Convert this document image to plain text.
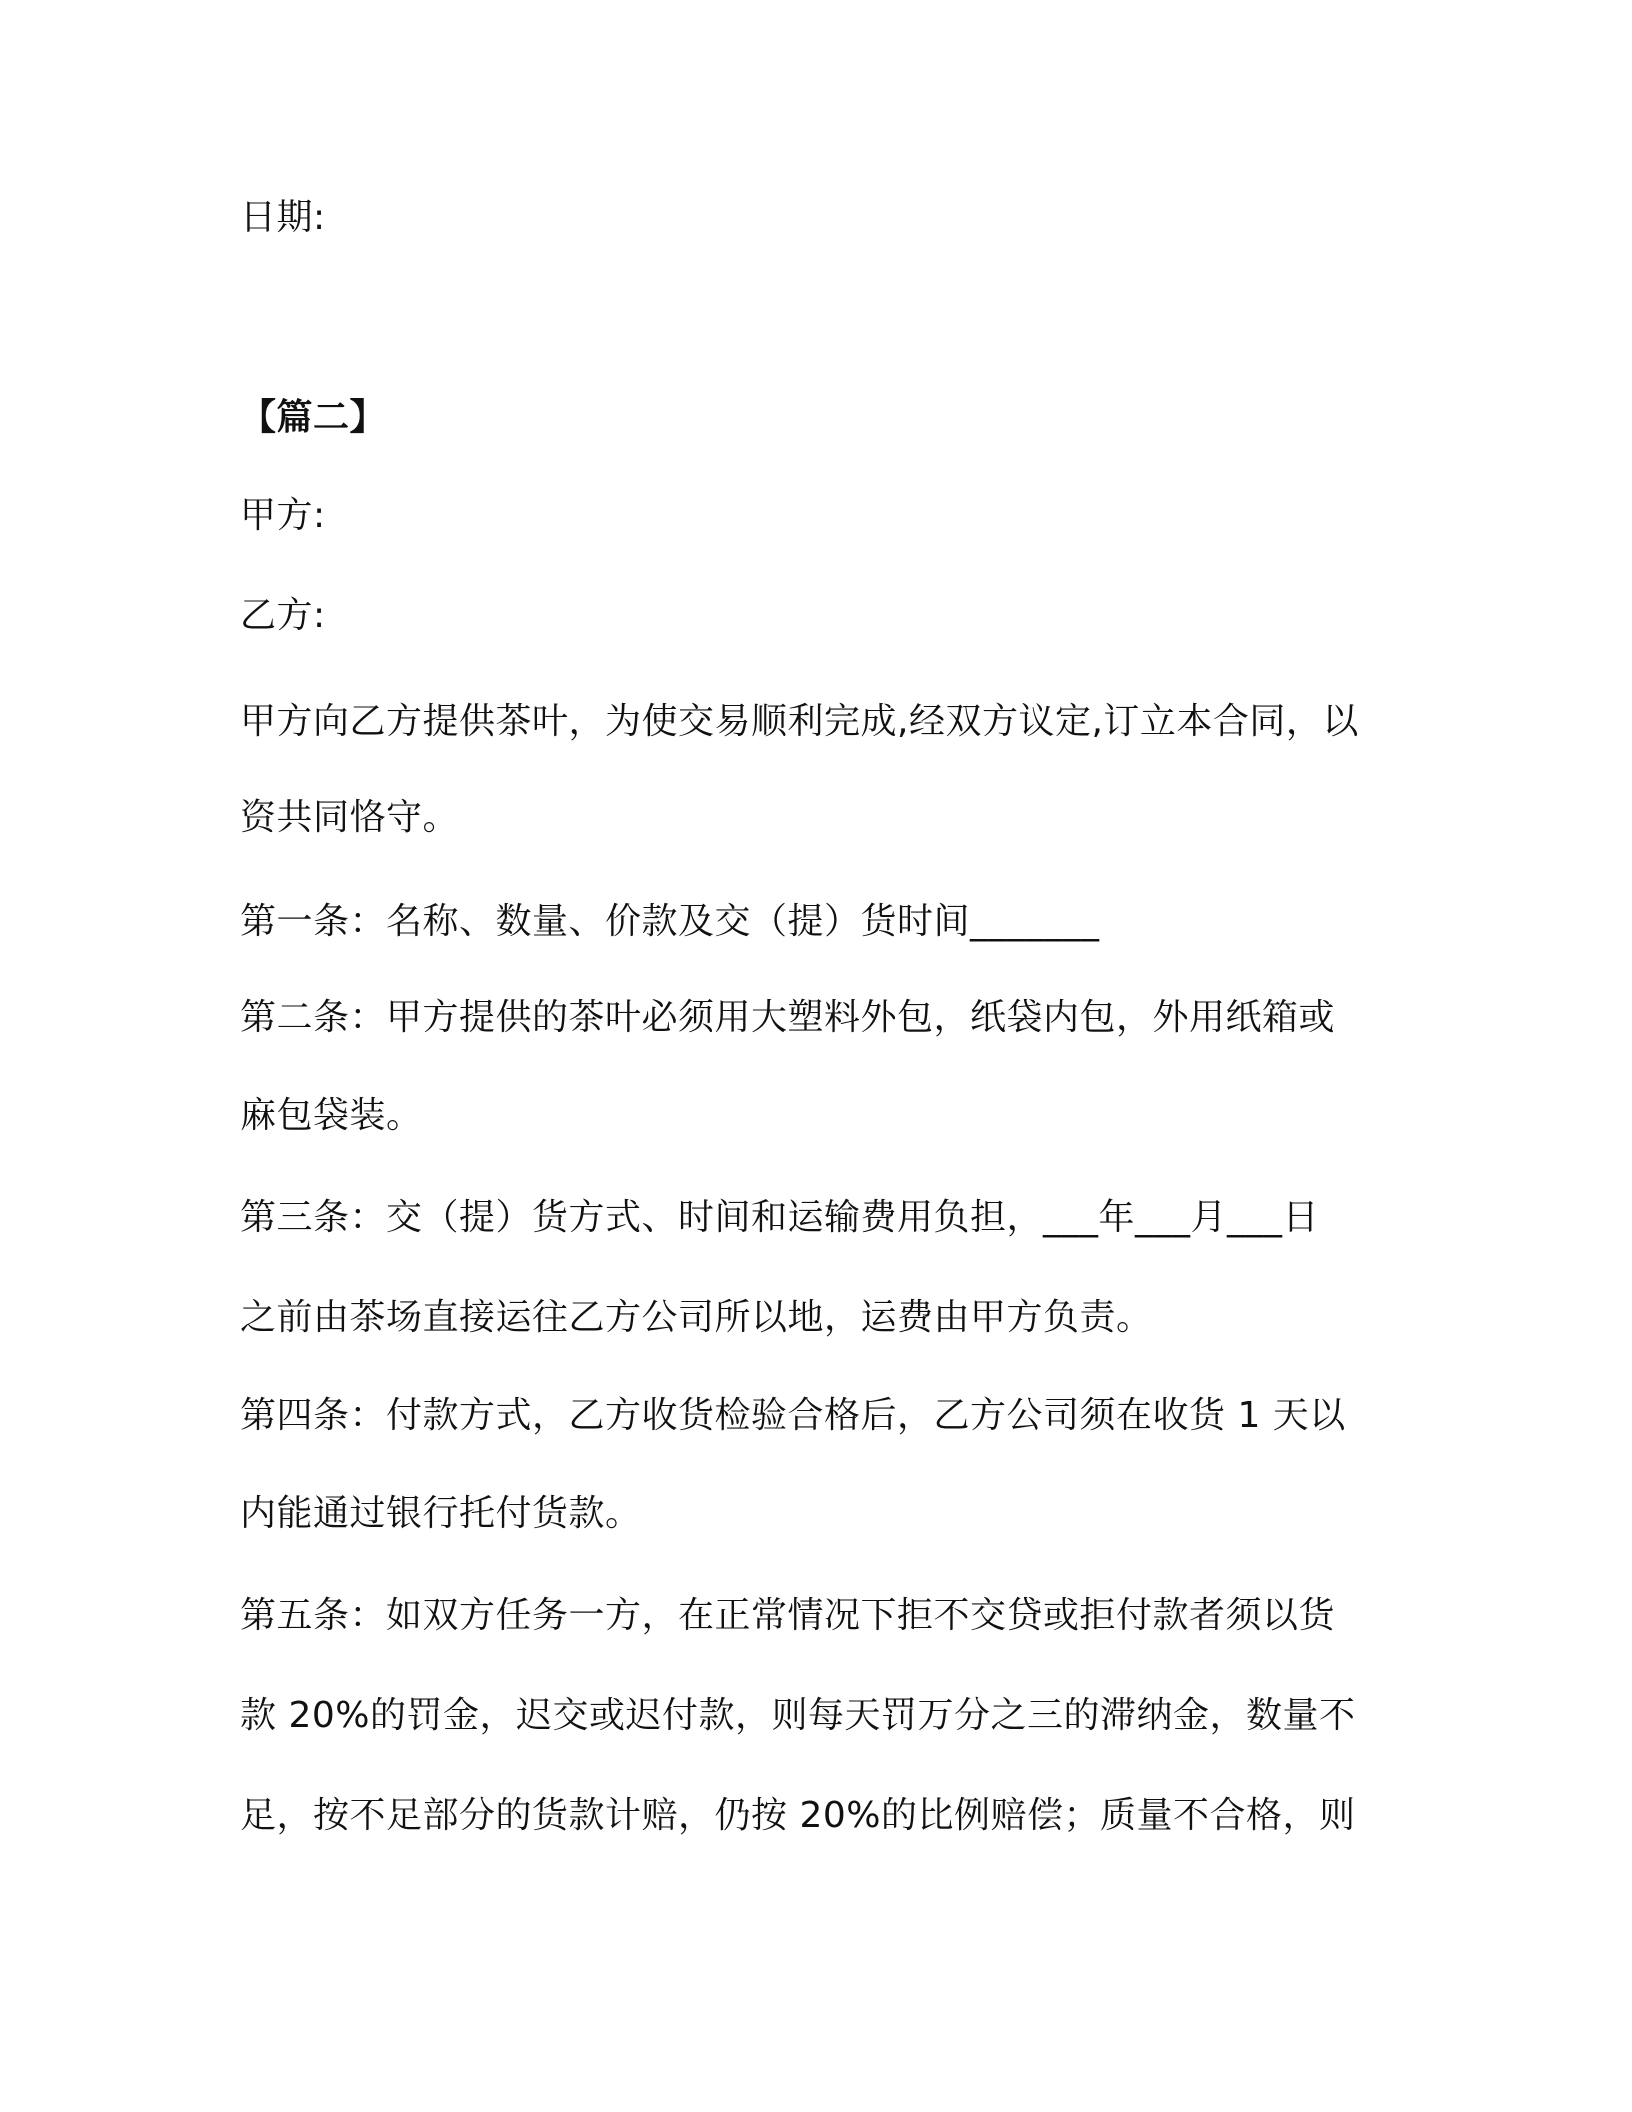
日期:
【篇二】
甲方:
乙方:
甲方向乙方提供茶叶，为使交易顺利完成,经双方议定,订立本合同，以
资共同恪守。
第一条：名称、数量、价款及交（提）货时间_______
第二条：甲方提供的茶叶必须用大塑料外包，纸袋内包，外用纸箱或
麻包袋装。
第三条：交（提）货方式、时间和运输费用负担，___年___月___日
之前由茶场直接运往乙方公司所以地，运费由甲方负责。
第四条：付款方式，乙方收货检验合格后，乙方公司须在收货 1 天以
内能通过银行托付货款。
第五条：如双方任务一方，在正常情况下拒不交贷或拒付款者须以货
款 20%的罚金，迟交或迟付款，则每天罚万分之三的滞纳金，数量不
足，按不足部分的货款计赔，仍按 20%的比例赔偿；质量不合格，则
